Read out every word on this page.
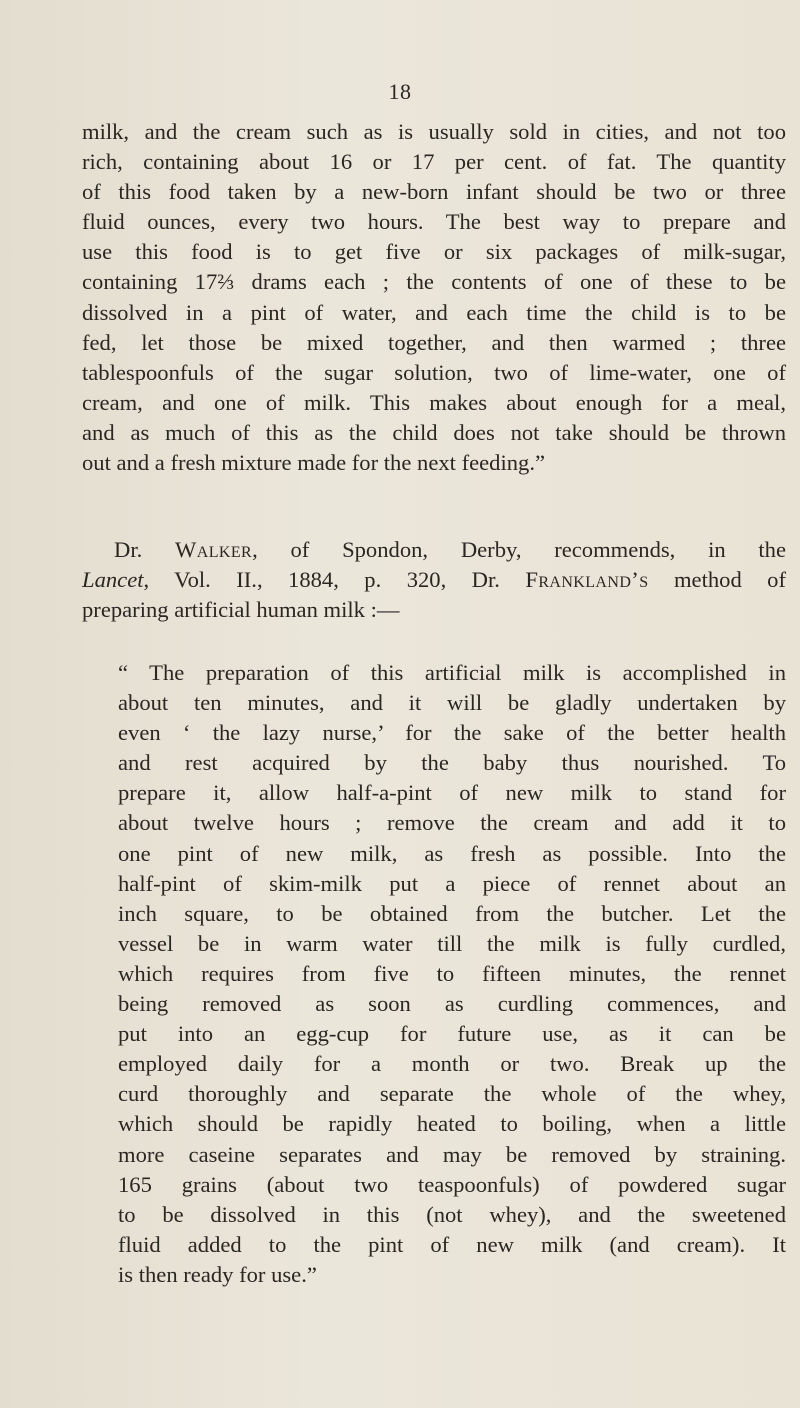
18
milk, and the cream such as is usually sold in cities, and not too
rich, containing about 16 or 17 per cent. of fat. The quantity
of this food taken by a new-born infant should be two or three
fluid ounces, every two hours. The best way to prepare and
use this food is to get five or six packages of milk-sugar,
containing 17⅔ drams each ; the contents of one of these to be
dissolved in a pint of water, and each time the child is to be
fed, let those be mixed together, and then warmed ; three
tablespoonfuls of the sugar solution, two of lime-water, one of
cream, and one of milk. This makes about enough for a meal,
and as much of this as the child does not take should be thrown
out and a fresh mixture made for the next feeding.”
Dr. Walker, of Spondon, Derby, recommends, in the
Lancet, Vol. II., 1884, p. 320, Dr. Frankland’s method of
preparing artificial human milk :—
“ The preparation of this artificial milk is accomplished in
about ten minutes, and it will be gladly undertaken by
even ‘ the lazy nurse,’ for the sake of the better health
and rest acquired by the baby thus nourished. To
prepare it, allow half-a-pint of new milk to stand for
about twelve hours ; remove the cream and add it to
one pint of new milk, as fresh as possible. Into the
half-pint of skim-milk put a piece of rennet about an
inch square, to be obtained from the butcher. Let the
vessel be in warm water till the milk is fully curdled,
which requires from five to fifteen minutes, the rennet
being removed as soon as curdling commences, and
put into an egg-cup for future use, as it can be
employed daily for a month or two. Break up the
curd thoroughly and separate the whole of the whey,
which should be rapidly heated to boiling, when a little
more caseine separates and may be removed by straining.
165 grains (about two teaspoonfuls) of powdered sugar
to be dissolved in this (not whey), and the sweetened
fluid added to the pint of new milk (and cream). It
is then ready for use.”
